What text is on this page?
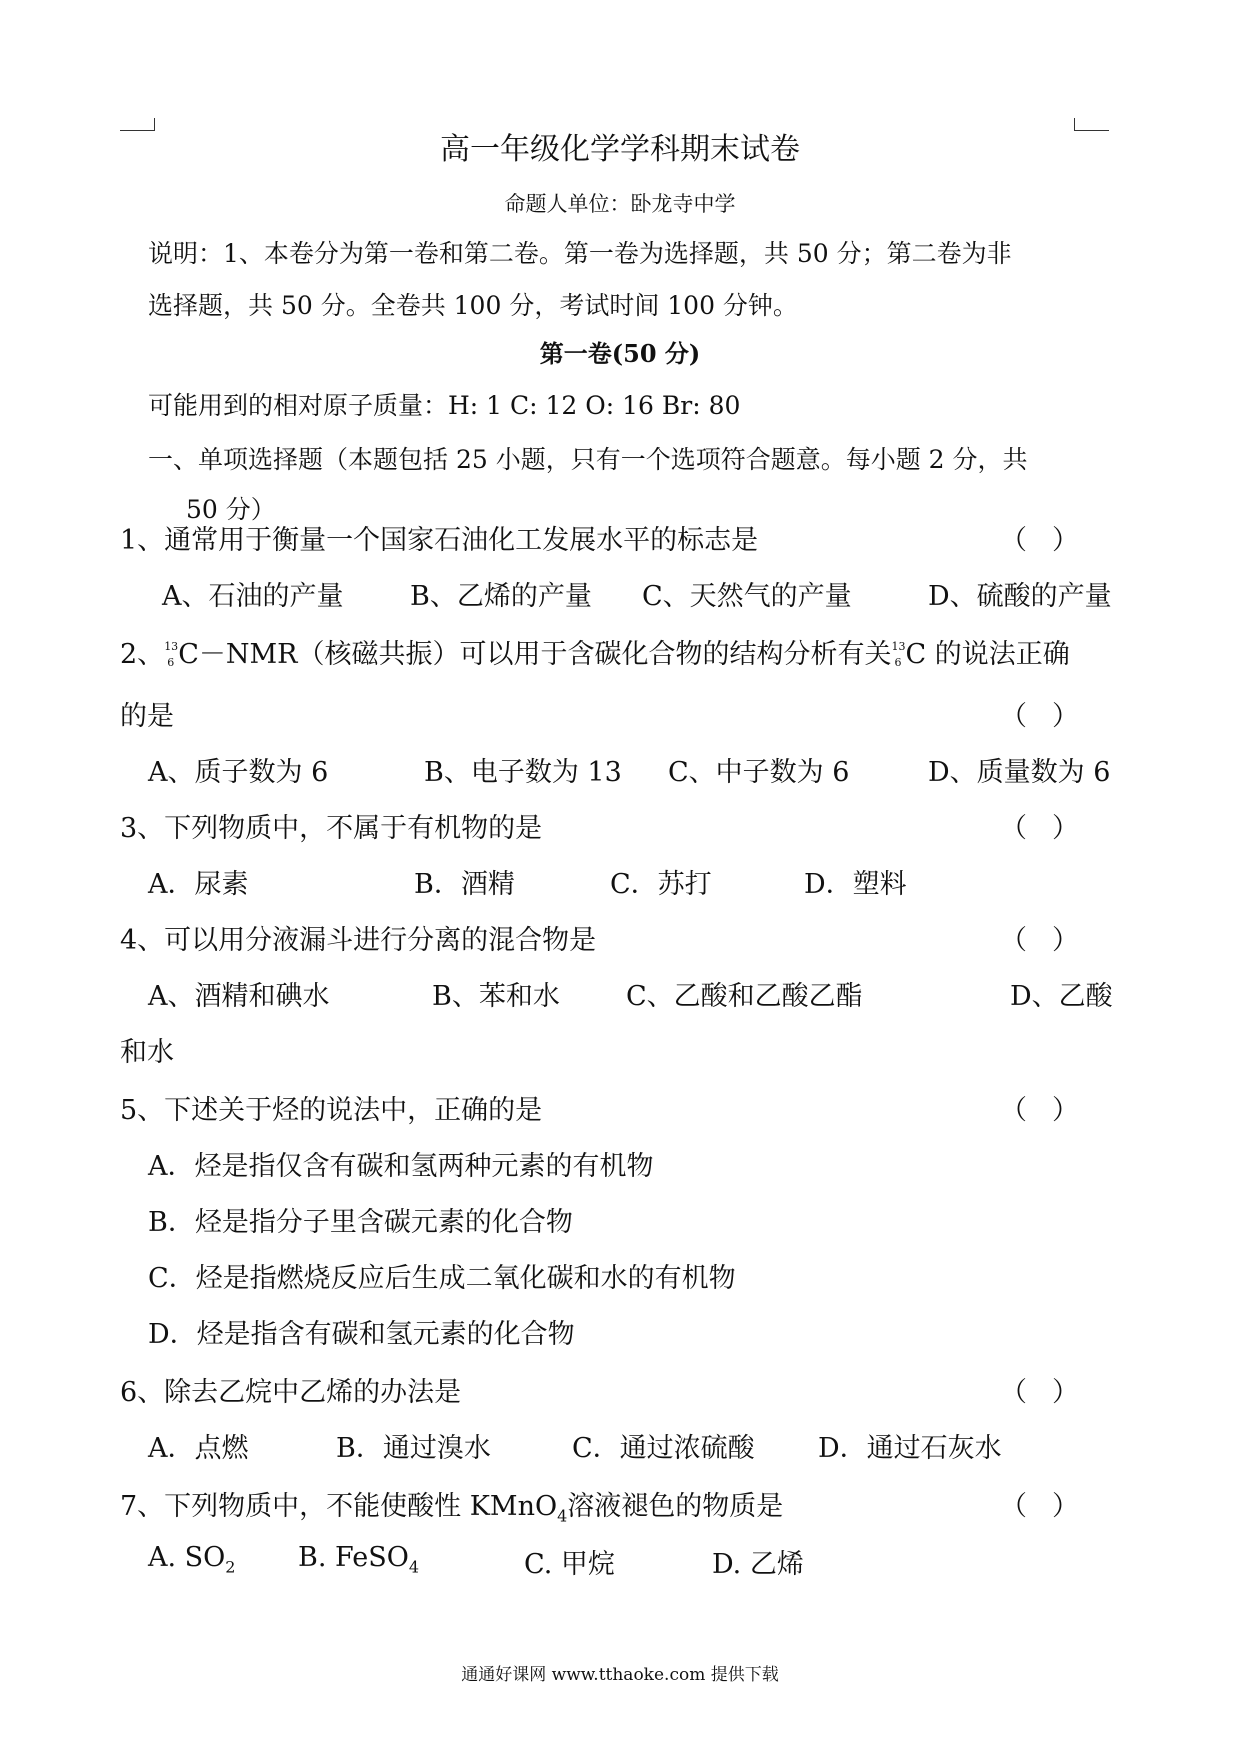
高一年级化学学科期末试卷
命题人单位：卧龙寺中学
说明：1、本卷分为第一卷和第二卷。第一卷为选择题，共 50 分；第二卷为非
选择题，共 50 分。全卷共 100 分，考试时间 100 分钟。
第一卷(50 分)
可能用到的相对原子质量：H: 1 C: 12 O: 16 Br: 80
一、单项选择题（本题包括 25 小题，只有一个选项符合题意。每小题 2 分，共
50 分）
1、通常用于衡量一个国家石油化工发展水平的标志是	（ ）
A、石油的产量 B、乙烯的产量 C、天然气的产量	D、硫酸的产量
2、 13
6 C－NMR（核磁共振）可以用于含碳化合物的结构分析有关 13
6 C 的说法正确
的是	（ ）
A、质子数为 6	B、电子数为 13 C、中子数为 6	D、质量数为 6
3、下列物质中，不属于有机物的是	（ ）
A．尿素	B．酒精	C．苏打	D．塑料
4、可以用分液漏斗进行分离的混合物是	（ ）
A、酒精和碘水	B、苯和水 C、乙酸和乙酸乙酯	D、乙酸
和水
5、下述关于烃的说法中，正确的是	（ ）
A．烃是指仅含有碳和氢两种元素的有机物
B．烃是指分子里含碳元素的化合物
C．烃是指燃烧反应后生成二氧化碳和水的有机物
D．烃是指含有碳和氢元素的化合物
6、除去乙烷中乙烯的办法是	（ ）
A．点燃	B．通过溴水	C．通过浓硫酸 D．通过石灰水
7、下列物质中，不能使酸性 KMnO$_4$溶液褪色的物质是	（ ）
A. $SO_2$ B. FeSO$_4$	C. 甲烷	D. 乙烯
通通好课网 www.tthaoke.com 提供下载
